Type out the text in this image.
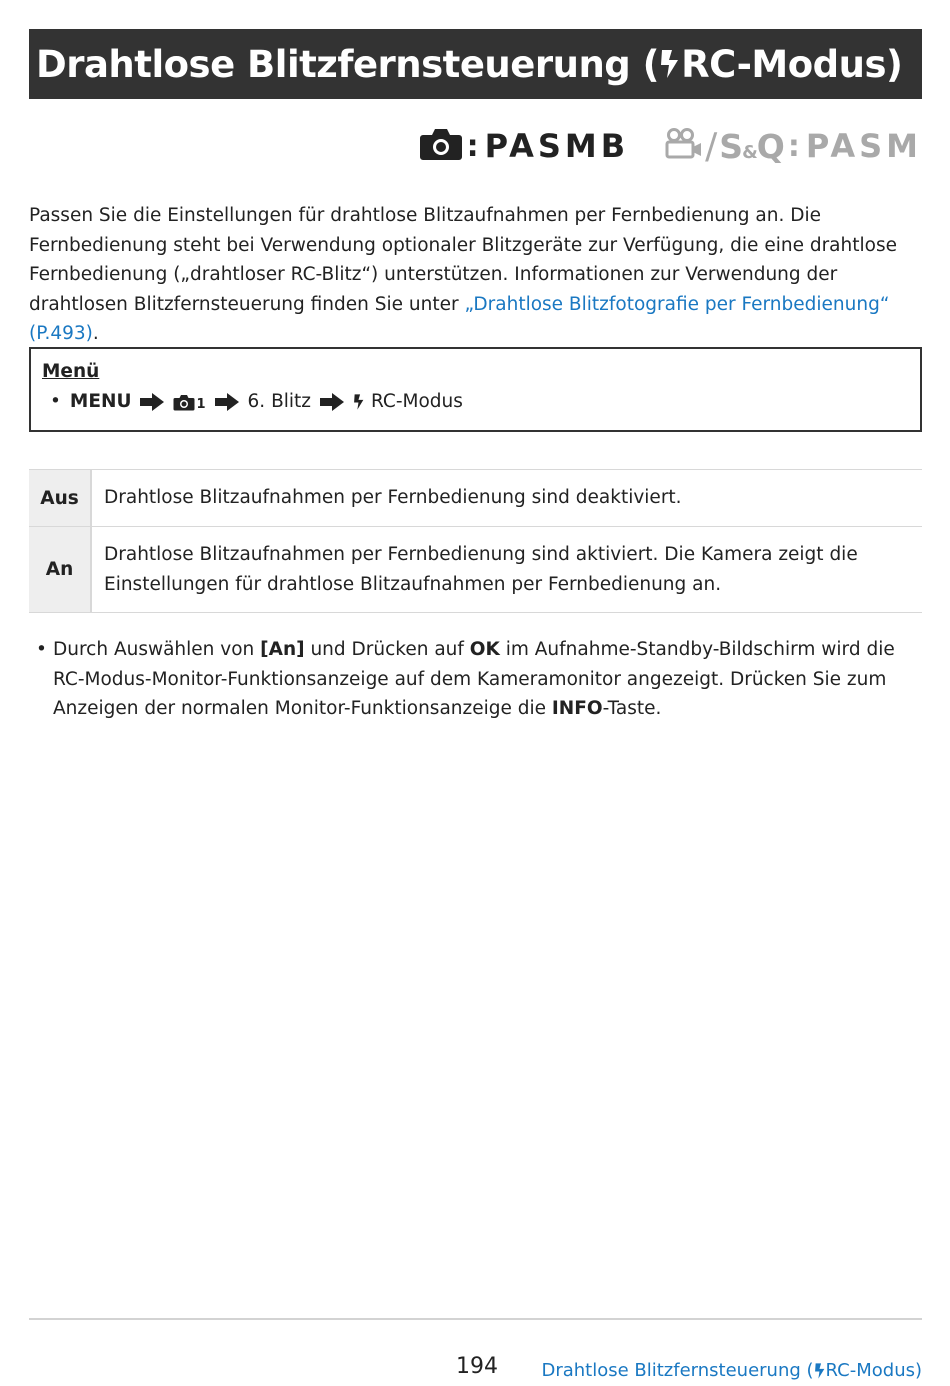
Drahtlose Blitzfernsteuerung ( RC-Modus)
: PASMB / S&Q : PASM

Passen Sie die Einstellungen für drahtlose Blitzaufnahmen per Fernbedienung an. Die Fernbedienung steht bei Verwendung optionaler Blitzgeräte zur Verfügung, die eine drahtlose Fernbedienung („drahtloser RC-Blitz“) unterstützen. Informationen zur Verwendung der drahtlosen Blitzfernsteuerung finden Sie unter „Drahtlose Blitzfotografie per Fernbedienung“ (P.493).

Menü
• MENU	1 6. Blitz	RC-Modus
Aus	Drahtlose Blitzaufnahmen per Fernbedienung sind deaktiviert.
An	Drahtlose Blitzaufnahmen per Fernbedienung sind aktiviert. Die Kamera zeigt die Einstellungen für drahtlose Blitzaufnahmen per Fernbedienung an.
• Durch Auswählen von [An] und Drücken auf OK im Aufnahme-Standby-Bildschirm wird die RC-Modus-Monitor-Funktionsanzeige auf dem Kameramonitor angezeigt. Drücken Sie zum Anzeigen der normalen Monitor-Funktionsanzeige die INFO-Taste.
194 Drahtlose Blitzfernsteuerung ( RC-Modus)
